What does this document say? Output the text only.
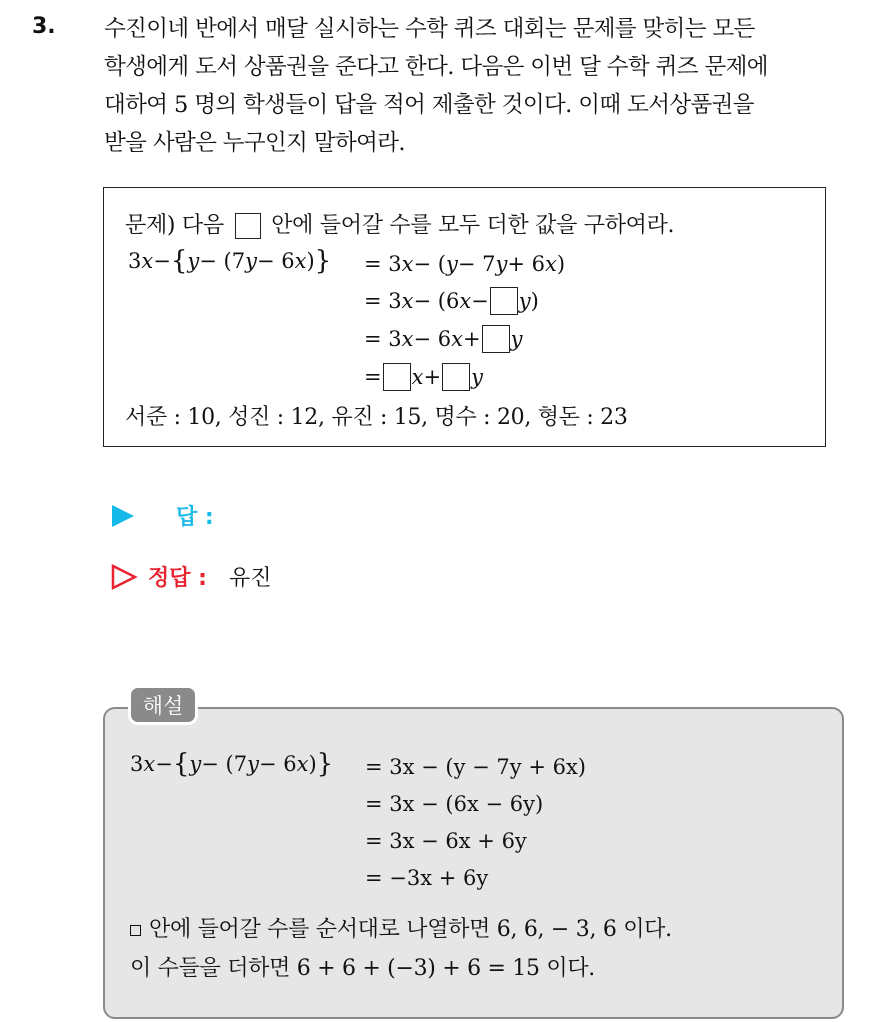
3. 수진이네 반에서 매달 실시하는 수학 퀴즈 대회는 문제를 맞히는 모든
학생에게 도서 상품권을 준다고 한다. 다음은 이번 달 수학 퀴즈 문제에
대하여 5 명의 학생들이 답을 적어 제출한 것이다. 이때 도서상품권을
받을 사람은 누구인지 말하여라.
문제) 다음 안에 들어갈 수를 모두 더한 값을 구하여라.
3 x − { y − (7 y − 6 x ) } = 3 x − ( y − 7 y + 6 x )
= 3 x − (6 x − y )
= 3 x − 6 x + y
= x + y
서준 : 10, 성진 : 12, 유진 : 15, 명수 : 20, 형돈 : 23
답 :
정답 : 유진
3 x − { y − (7 y − 6 x ) } = 3x − (y − 7y + 6x)
= 3x − (6x − 6y)
= 3x − 6x + 6y
= −3x + 6y
안에 들어갈 수를 순서대로 나열하면 6, 6, − 3, 6 이다.
이 수들을 더하면 6 + 6 + (−3) + 6 = 15 이다.
해설
